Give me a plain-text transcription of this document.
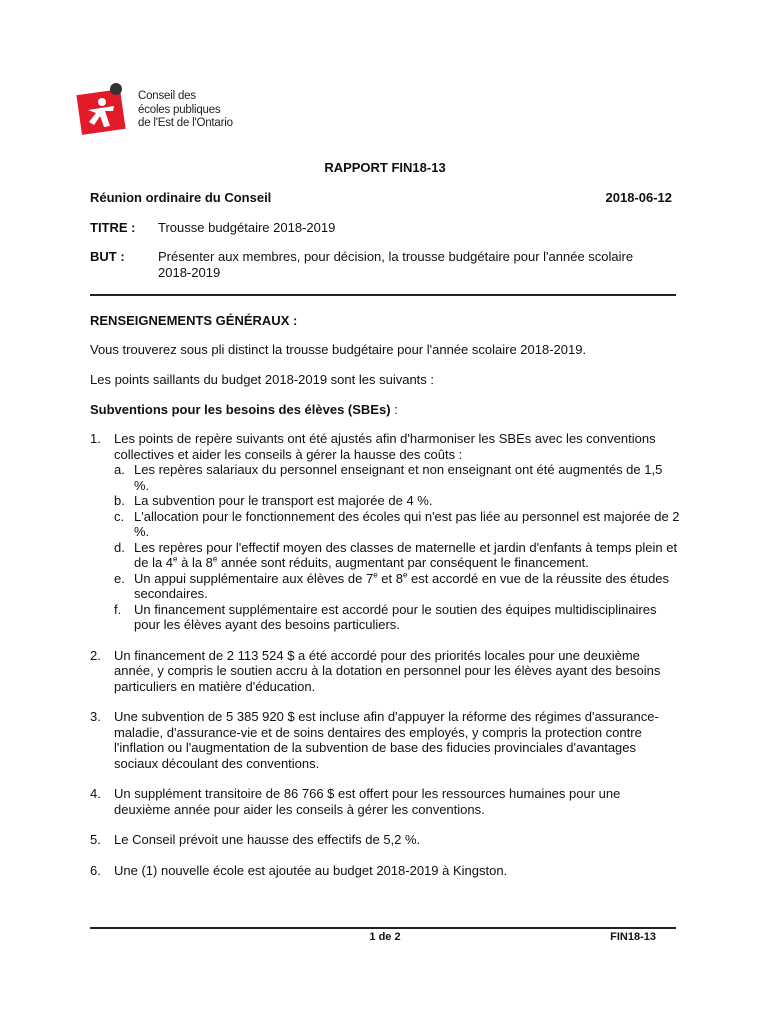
Conseil des
écoles publiques
de l'Est de l'Ontario
RAPPORT FIN18-13
Réunion ordinaire du Conseil	2018-06-12
TITRE : Trousse budgétaire 2018-2019
BUT :	Présenter aux membres, pour décision, la trousse budgétaire pour l'année scolaire
2018-2019
RENSEIGNEMENTS GÉNÉRAUX :
Vous trouverez sous pli distinct la trousse budgétaire pour l'année scolaire 2018-2019.
Les points saillants du budget 2018-2019 sont les suivants :
Subventions pour les besoins des élèves (SBEs) :
1. Les points de repère suivants ont été ajustés afin d'harmoniser les SBEs avec les conventions collectives et aider les conseils à gérer la hausse des coûts :
a. Les repères salariaux du personnel enseignant et non enseignant ont été augmentés de 1,5 %.
b. La subvention pour le transport est majorée de 4 %.
c. L'allocation pour le fonctionnement des écoles qui n'est pas liée au personnel est majorée de 2 %.
d. Les repères pour l'effectif moyen des classes de maternelle et jardin d'enfants à temps plein et de la 4e à la 8e année sont réduits, augmentant par conséquent le financement.
e. Un appui supplémentaire aux élèves de 7e et 8e est accordé en vue de la réussite des études secondaires.
f. Un financement supplémentaire est accordé pour le soutien des équipes multidisciplinaires pour les élèves ayant des besoins particuliers.
2. Un financement de 2 113 524 $ a été accordé pour des priorités locales pour une deuxième année, y compris le soutien accru à la dotation en personnel pour les élèves ayant des besoins particuliers en matière d'éducation.
3. Une subvention de 5 385 920 $ est incluse afin d'appuyer la réforme des régimes d'assurance-maladie, d'assurance-vie et de soins dentaires des employés, y compris la protection contre l'inflation ou l'augmentation de la subvention de base des fiducies provinciales d'avantages sociaux découlant des conventions.
4. Un supplément transitoire de 86 766 $ est offert pour les ressources humaines pour une deuxième année pour aider les conseils à gérer les conventions.
5. Le Conseil prévoit une hausse des effectifs de 5,2 %.
6. Une (1) nouvelle école est ajoutée au budget 2018-2019 à Kingston.
1 de 2	FIN18-13
